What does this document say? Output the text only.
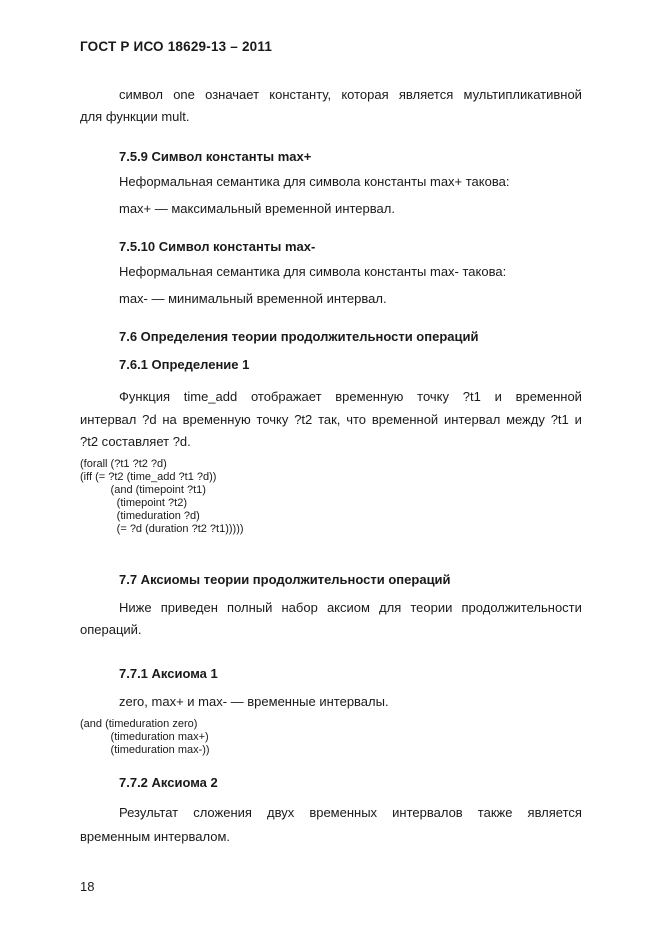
ГОСТ Р ИСО 18629-13 – 2011
символ one означает константу, которая является мультипликативной
для функции mult.
7.5.9 Символ константы max+
Неформальная семантика для символа константы max+ такова:
max+ — максимальный временной интервал.
7.5.10 Символ константы max-
Неформальная семантика для символа константы max- такова:
max- — минимальный временной интервал.
7.6 Определения теории продолжительности операций
7.6.1 Определение 1
Функция time_add отображает временную точку ?t1 и временной
интервал ?d на временную точку ?t2 так, что временной интервал между ?t1 и
?t2 составляет ?d.
(forall (?t1 ?t2 ?d)
(iff (= ?t2 (time_add ?t1 ?d))
(and (timepoint ?t1)
(timepoint ?t2)
(timeduration ?d)
(= ?d (duration ?t2 ?t1)))))
7.7 Аксиомы теории продолжительности операций
Ниже приведен полный набор аксиом для теории продолжительности
операций.
7.7.1 Аксиома 1
zero, max+ и max- — временные интервалы.
(and (timeduration zero)
(timeduration max+)
(timeduration max-))
7.7.2 Аксиома 2
Результат сложения двух временных интервалов также является
временным интервалом.
18
